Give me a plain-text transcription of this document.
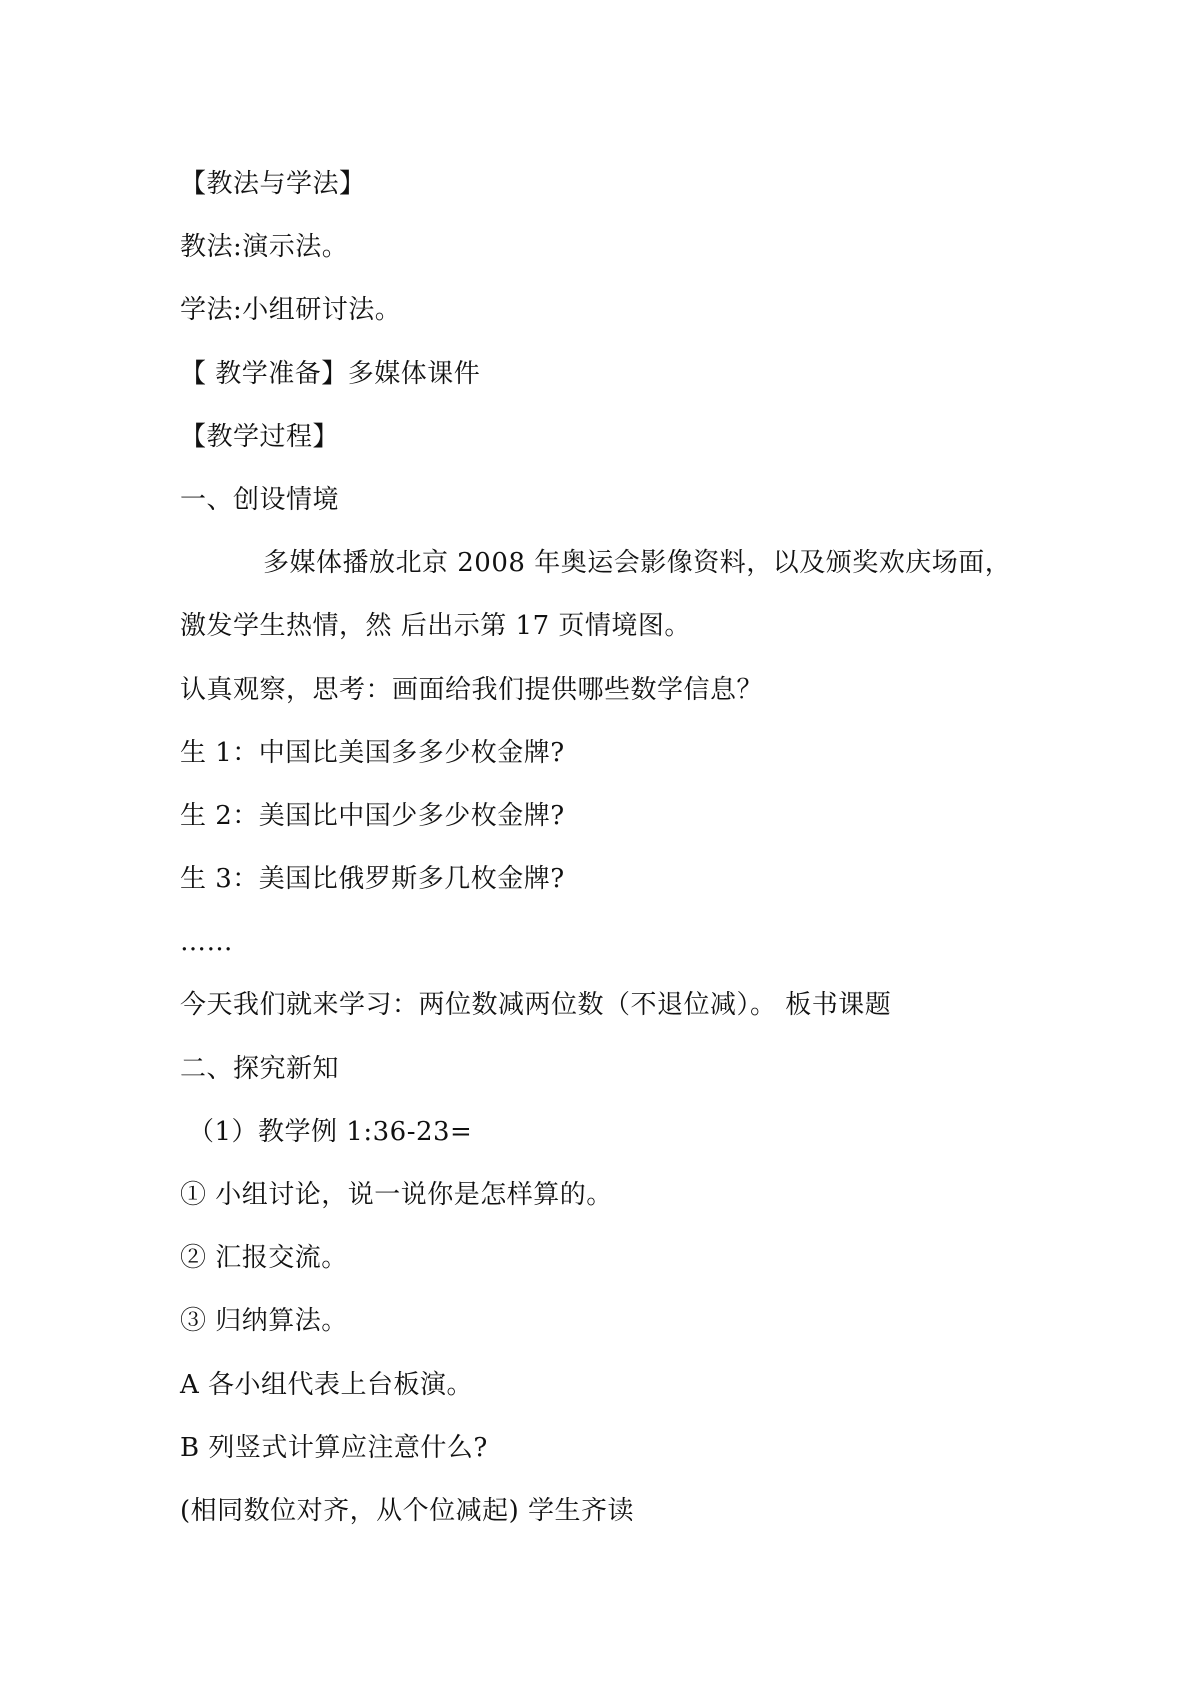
【教法与学法】
教法:演示法。
学法:小组研讨法。
【 教学准备】多媒体课件
【教学过程】
一、创设情境
多媒体播放北京 2008 年奥运会影像资料，以及颁奖欢庆场面，
激发学生热情，然 后出示第 17 页情境图。
认真观察，思考：画面给我们提供哪些数学信息？
生 1：中国比美国多多少枚金牌?
生 2：美国比中国少多少枚金牌?
生 3：美国比俄罗斯多几枚金牌?
……
今天我们就来学习：两位数减两位数（不退位减）。 板书课题
二、探究新知
（1）教学例 1:36-23=
① 小组讨论，说一说你是怎样算的。
② 汇报交流。
③ 归纳算法。
A 各小组代表上台板演。
B 列竖式计算应注意什么?
(相同数位对齐，从个位减起) 学生齐读
